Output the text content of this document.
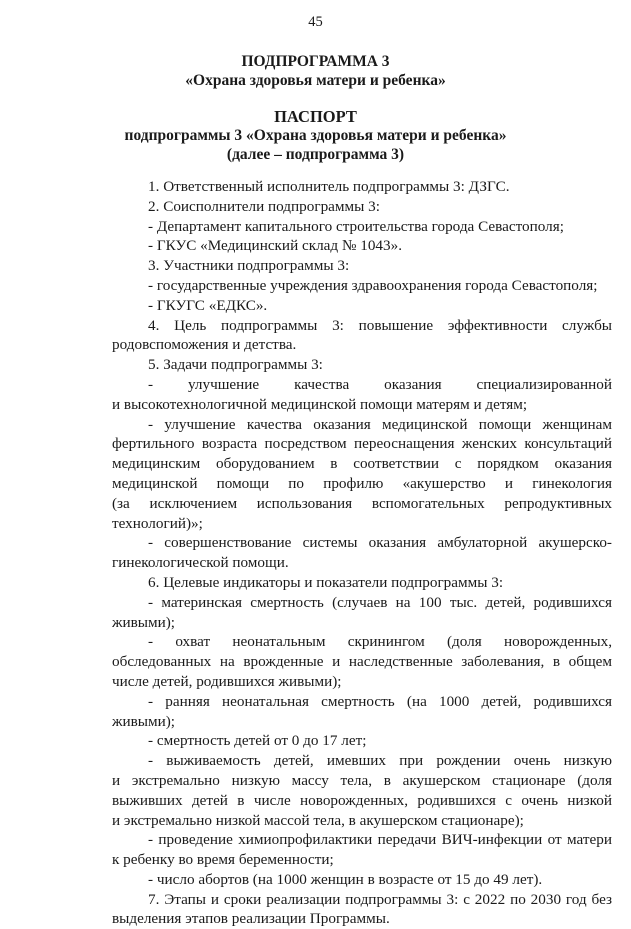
45
ПОДПРОГРАММА 3
«Охрана здоровья матери и ребенка»
ПАСПОРТ
подпрограммы 3 «Охрана здоровья матери и ребенка»
(далее – подпрограмма 3)
1. Ответственный исполнитель подпрограммы 3: ДЗГС.
2. Соисполнители подпрограммы 3:
- Департамент капитального строительства города Севастополя;
- ГКУС «Медицинский склад № 1043».
3. Участники подпрограммы 3:
- государственные учреждения здравоохранения города Севастополя;
- ГКУГС «ЕДКС».
4. Цель подпрограммы 3: повышение эффективности службы
родовспоможения и детства.
5. Задачи подпрограммы 3:
- улучшение качества оказания специализированной
и высокотехнологичной медицинской помощи матерям и детям;
- улучшение качества оказания медицинской помощи женщинам
фертильного возраста посредством переоснащения женских консультаций
медицинским оборудованием в соответствии с порядком оказания
медицинской помощи по профилю «акушерство и гинекология
(за исключением использования вспомогательных репродуктивных
технологий)»;
- совершенствование системы оказания амбулаторной акушерско-
гинекологической помощи.
6. Целевые индикаторы и показатели подпрограммы 3:
- материнская смертность (случаев на 100 тыс. детей, родившихся
живыми);
- охват неонатальным скринингом (доля новорожденных,
обследованных на врожденные и наследственные заболевания, в общем
числе детей, родившихся живыми);
- ранняя неонатальная смертность (на 1000 детей, родившихся
живыми);
- смертность детей от 0 до 17 лет;
- выживаемость детей, имевших при рождении очень низкую
и экстремально низкую массу тела, в акушерском стационаре (доля
выживших детей в числе новорожденных, родившихся с очень низкой
и экстремально низкой массой тела, в акушерском стационаре);
- проведение химиопрофилактики передачи ВИЧ-инфекции от матери
к ребенку во время беременности;
- число абортов (на 1000 женщин в возрасте от 15 до 49 лет).
7. Этапы и сроки реализации подпрограммы 3: с 2022 по 2030 год без
выделения этапов реализации Программы.
